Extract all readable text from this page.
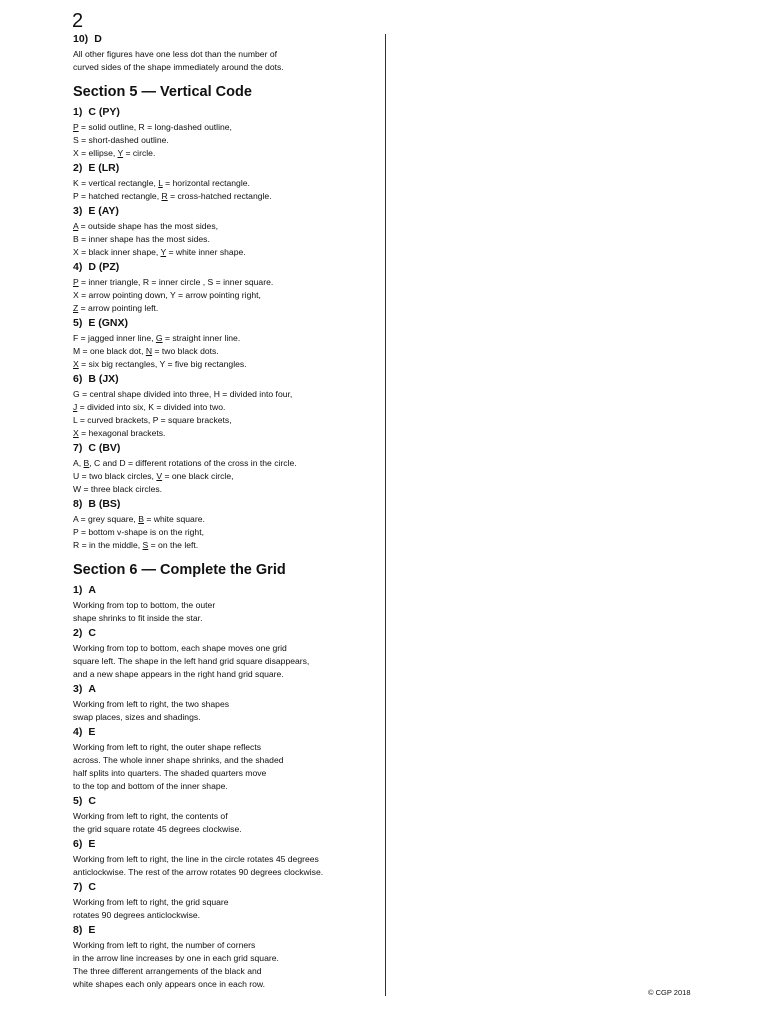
2
© CGP 2018
10) D
All other figures have one less dot than the number of
curved sides of the shape immediately around the dots.
Section 5 — Vertical Code
1) C (PY)
P = solid outline, R = long-dashed outline,
S = short-dashed outline.
X = ellipse, Y = circle.
2) E (LR)
K = vertical rectangle, L = horizontal rectangle.
P = hatched rectangle, R = cross-hatched rectangle.
3) E (AY)
A = outside shape has the most sides,
B = inner shape has the most sides.
X = black inner shape, Y = white inner shape.
4) D (PZ)
P = inner triangle, R = inner circle , S = inner square.
X = arrow pointing down, Y = arrow pointing right,
Z = arrow pointing left.
5) E (GNX)
F = jagged inner line, G = straight inner line.
M = one black dot, N = two black dots.
X = six big rectangles, Y = five big rectangles.
6) B (JX)
G = central shape divided into three, H = divided into four,
J = divided into six, K = divided into two.
L = curved brackets, P = square brackets,
X = hexagonal brackets.
7) C (BV)
A, B, C and D = different rotations of the cross in the circle.
U = two black circles, V = one black circle,
W = three black circles.
8) B (BS)
A = grey square, B = white square.
P = bottom v-shape is on the right,
R = in the middle, S = on the left.
Section 6 — Complete the Grid
1) A
Working from top to bottom, the outer
shape shrinks to fit inside the star.
2) C
Working from top to bottom, each shape moves one grid
square left. The shape in the left hand grid square disappears,
and a new shape appears in the right hand grid square.
3) A
Working from left to right, the two shapes
swap places, sizes and shadings.
4) E
Working from left to right, the outer shape reflects
across. The whole inner shape shrinks, and the shaded
half splits into quarters. The shaded quarters move
to the top and bottom of the inner shape.
5) C
Working from left to right, the contents of
the grid square rotate 45 degrees clockwise.
6) E
Working from left to right, the line in the circle rotates 45 degrees
anticlockwise. The rest of the arrow rotates 90 degrees clockwise.
7) C
Working from left to right, the grid square
rotates 90 degrees anticlockwise.
8) E
Working from left to right, the number of corners
in the arrow line increases by one in each grid square.
The three different arrangements of the black and
white shapes each only appears once in each row.
